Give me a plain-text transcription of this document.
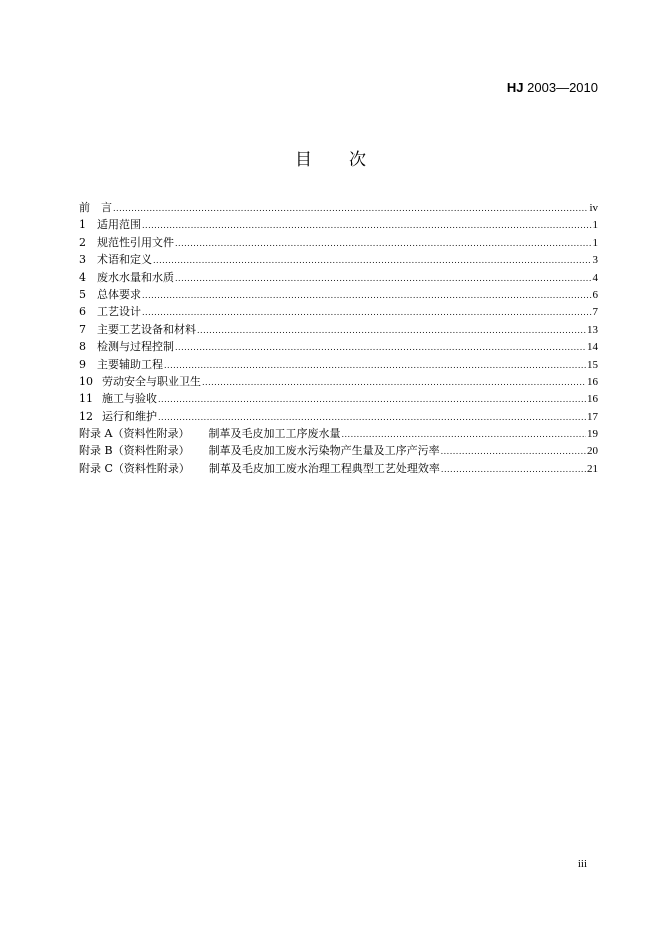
HJ 2003—2010
目 次
前　言 .....	iv
1 适用范围 .....	1
2 规范性引用文件 .....	1
3 术语和定义 .....	3
4 废水水量和水质 .....	4
5 总体要求 .....	6
6 工艺设计 .....	7
7 主要工艺设备和材料 .....	13
8 检测与过程控制 .....	14
9 主要辅助工程 .....	15
10 劳动安全与职业卫生 .....	16
11 施工与验收 .....	16
12 运行和维护 .....	17
附录 A（资料性附录） 制革及毛皮加工工序废水量 .....	19
附录 B（资料性附录） 制革及毛皮加工废水污染物产生量及工序产污率 .....	20
附录 C（资料性附录） 制革及毛皮加工废水治理工程典型工艺处理效率 .....	21
iii
